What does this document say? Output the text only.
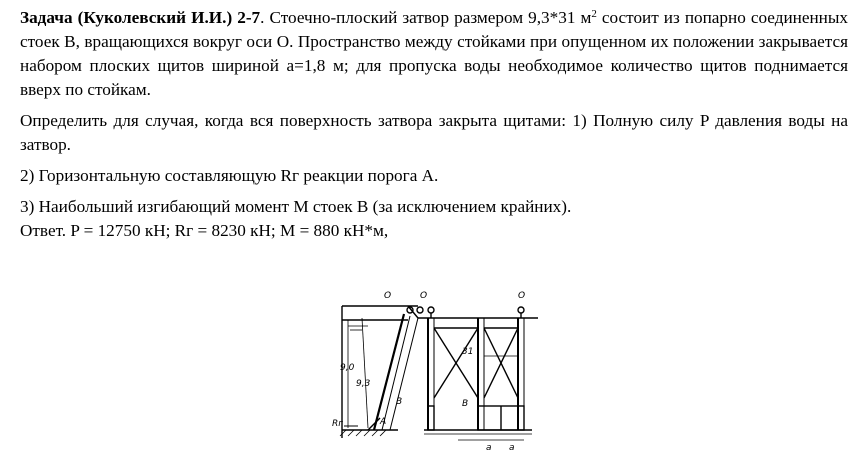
Задача (Куколевский И.И.) 2-7. Стоечно-плоский затвор размером 9,3*31 $м^2$ состоит из попарно соединенных стоек B, вращающихся вокруг оси O. Пространство между стойками при опущенном их положении закрывается набором плоских щитов шириной a=1,8 м; для пропуска воды необходимое количество щитов поднимается вверх по стойкам.

Определить для случая, когда вся поверхность затвора закрыта щитами: 1) Полную силу P давления воды на затвор.

2) Горизонтальную составляющую Rг реакции порога A.

3) Наибольший изгибающий момент M стоек B (за исключением крайних).

Ответ. P = 12750 кН; Rг = 8230 кН; M = 880 кН*м,

9,0
9,3
O	O
A
Rг
B
O
31
B
a a
